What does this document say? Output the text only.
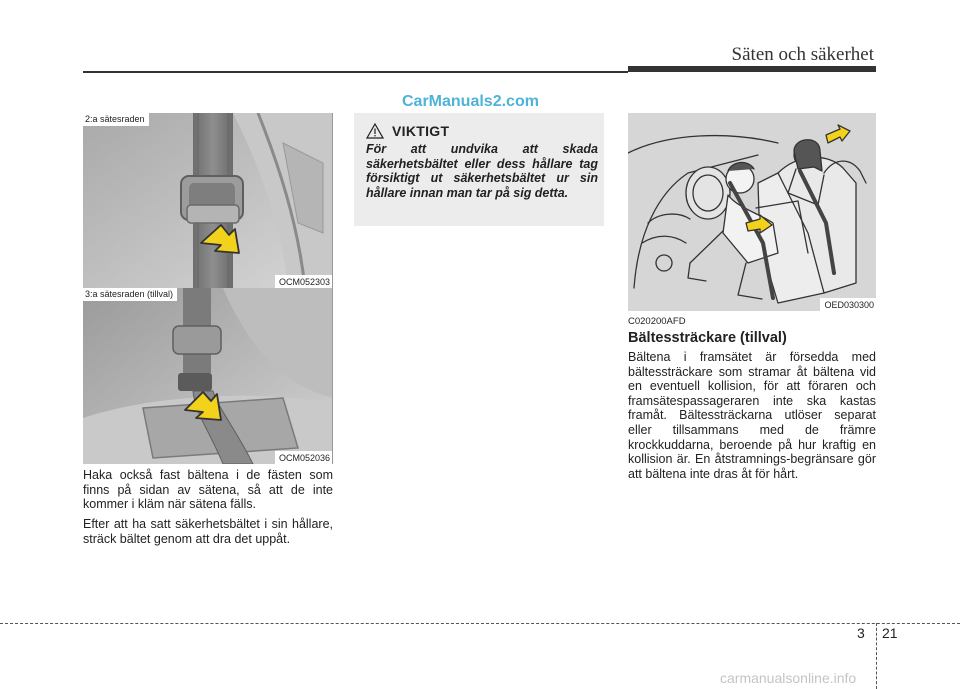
Säten och säkerhet
CarManuals2.com
2:a sätesraden
OCM052303
3:a sätesraden (tillval)
OCM052036
Haka också fast bältena i de fästen som finns på sidan av sätena, så att de inte kommer i kläm när sätena fälls.
Efter att ha satt säkerhetsbältet i sin hållare, sträck bältet genom att dra det uppåt.
VIKTIGT
För att undvika att skada säkerhetsbältet eller dess hållare tag försiktigt ut säkerhetsbältet ur sin hållare innan man tar på sig detta.
OED030300
C020200AFD
Bältessträckare (tillval)
Bältena i framsätet är försedda med bältessträckare som stramar åt bältena vid en eventuell kollision, för att föraren och framsätespassageraren inte ska kastas framåt. Bältessträckarna utlöser separat eller tillsammans med de främre krockkuddarna, beroende på hur kraftig en kollision är. En åtstramnings-begränsare gör att bältena inte dras åt för hårt.
3 21
carmanualsonline.info
